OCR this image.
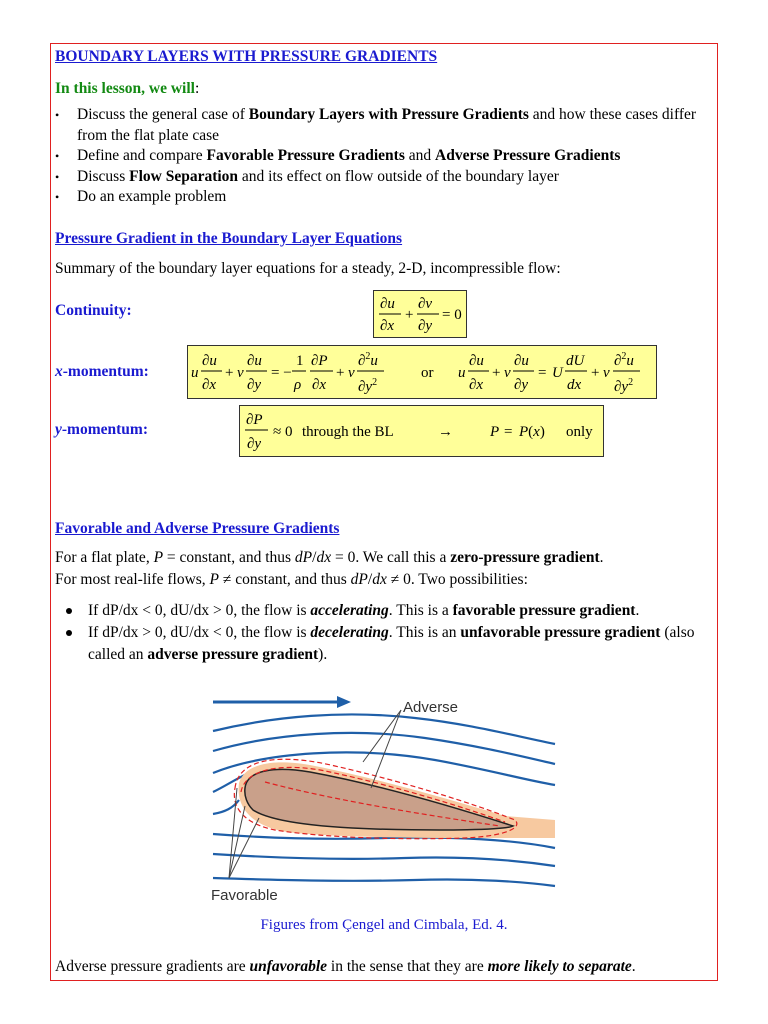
BOUNDARY LAYERS WITH PRESSURE GRADIENTS
In this lesson, we will:
• Discuss the general case of Boundary Layers with Pressure Gradients and how these cases differ from the flat plate case
• Define and compare Favorable Pressure Gradients and Adverse Pressure Gradients
• Discuss Flow Separation and its effect on flow outside of the boundary layer
• Do an example problem
Pressure Gradient in the Boundary Layer Equations
Summary of the boundary layer equations for a steady, 2-D, incompressible flow:
Continuity:	∂u
∂x
+
∂v
∂y
= 0
x-momentum:	u
∂u
∂x
+ v
∂u
∂y
= −
1
ρ
∂P
∂x
+ ν
∂$^2$u
$\partial y^2$
or u
∂u
∂x
+ v
∂u
∂y
= U
dU
dx
+ ν
∂$^2$u
$\partial y^2$
y-momentum:
∂P
∂y
≈ 0 through the BL	→ P = P(x) only
Favorable and Adverse Pressure Gradients
For a flat plate, P = constant, and thus dP/dx = 0. We call this a zero-pressure gradient.
For most real-life flows, P ≠ constant, and thus dP/dx ≠ 0. Two possibilities:
If dP/dx < 0, dU/dx > 0, the flow is accelerating. This is a favorable pressure gradient.
If dP/dx > 0, dU/dx < 0, the flow is decelerating. This is an unfavorable pressure gradient (also called an adverse pressure gradient).
Adverse
Favorable
Figures from Çengel and Cimbala, Ed. 4.
Adverse pressure gradients are unfavorable in the sense that they are more likely to separate.
